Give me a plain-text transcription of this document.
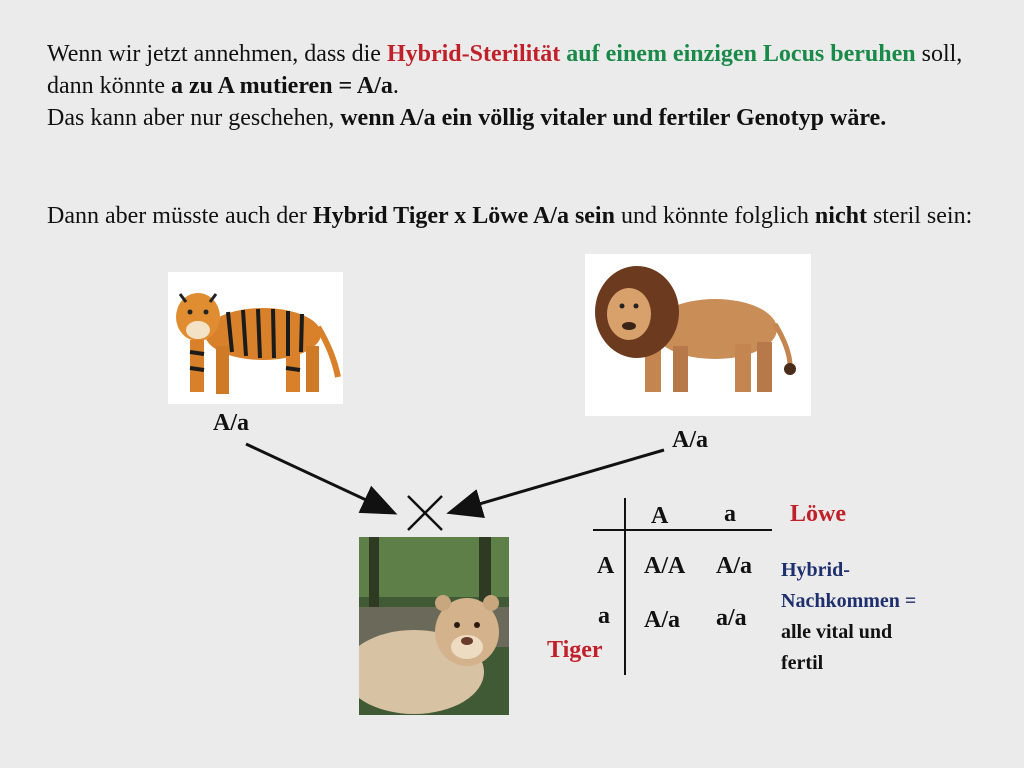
Wenn wir jetzt annehmen, dass die Hybrid-Sterilität auf einem einzigen Locus beruhen soll, dann könnte a zu A mutieren = A/a.
Das kann aber nur geschehen, wenn A/a ein völlig vitaler und fertiler Genotyp wäre.
Dann aber müsste auch der Hybrid Tiger x Löwe A/a sein und könnte folglich nicht steril sein:
A/a
A/a
A a
A
a
A/A A/a
A/a a/a
Löwe
Tiger
Hybrid-
Nachkommen =
alle vital und
fertil
